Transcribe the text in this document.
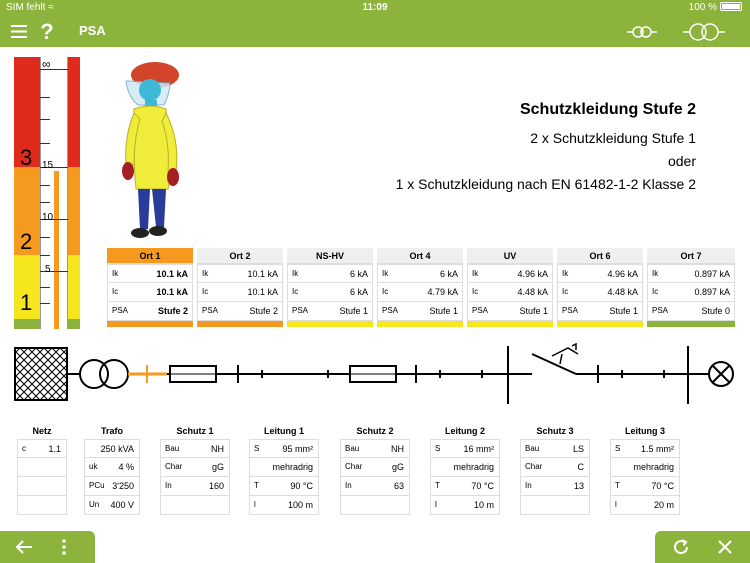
SIM fehlt ≈	11:09	100 %
? PSA
∞
15
10
5
3
2
1
Schutzkleidung Stufe 2
2 x Schutzkleidung Stufe 1
oder
1 x Schutzkleidung nach EN 61482-1-2 Klasse 2
Ort 1
Ik	10.1 kA
Ic	10.1 kA
PSA	Stufe 2
Ort 2
Ik	10.1 kA
Ic	10.1 kA
PSA	Stufe 2
NS-HV
Ik	6 kA
Ic	6 kA
PSA	Stufe 1
Ort 4
Ik	6 kA
Ic	4.79 kA
PSA	Stufe 1
UV
Ik	4.96 kA
Ic	4.48 kA
PSA	Stufe 1
Ort 6
Ik	4.96 kA
Ic	4.48 kA
PSA	Stufe 1
Ort 7
Ik	0.897 kA
Ic	0.897 kA
PSA	Stufe 0
Netz
c 1.1
Trafo
250 kVA
uk 4 %
PCu 3'250
Un 400 V
Schutz 1
Bau	NH
Char	gG
In	160
Leitung 1
S	95 mm²
mehradrig
T	90 °C
l	100 m
Schutz 2
Bau	NH
Char	gG
In	63
Leitung 2
S	16 mm²
mehradrig
T	70 °C
l	10 m
Schutz 3
Bau	LS
Char	C
In	13
Leitung 3
S 1.5 mm²
mehradrig
T	70 °C
l	20 m
